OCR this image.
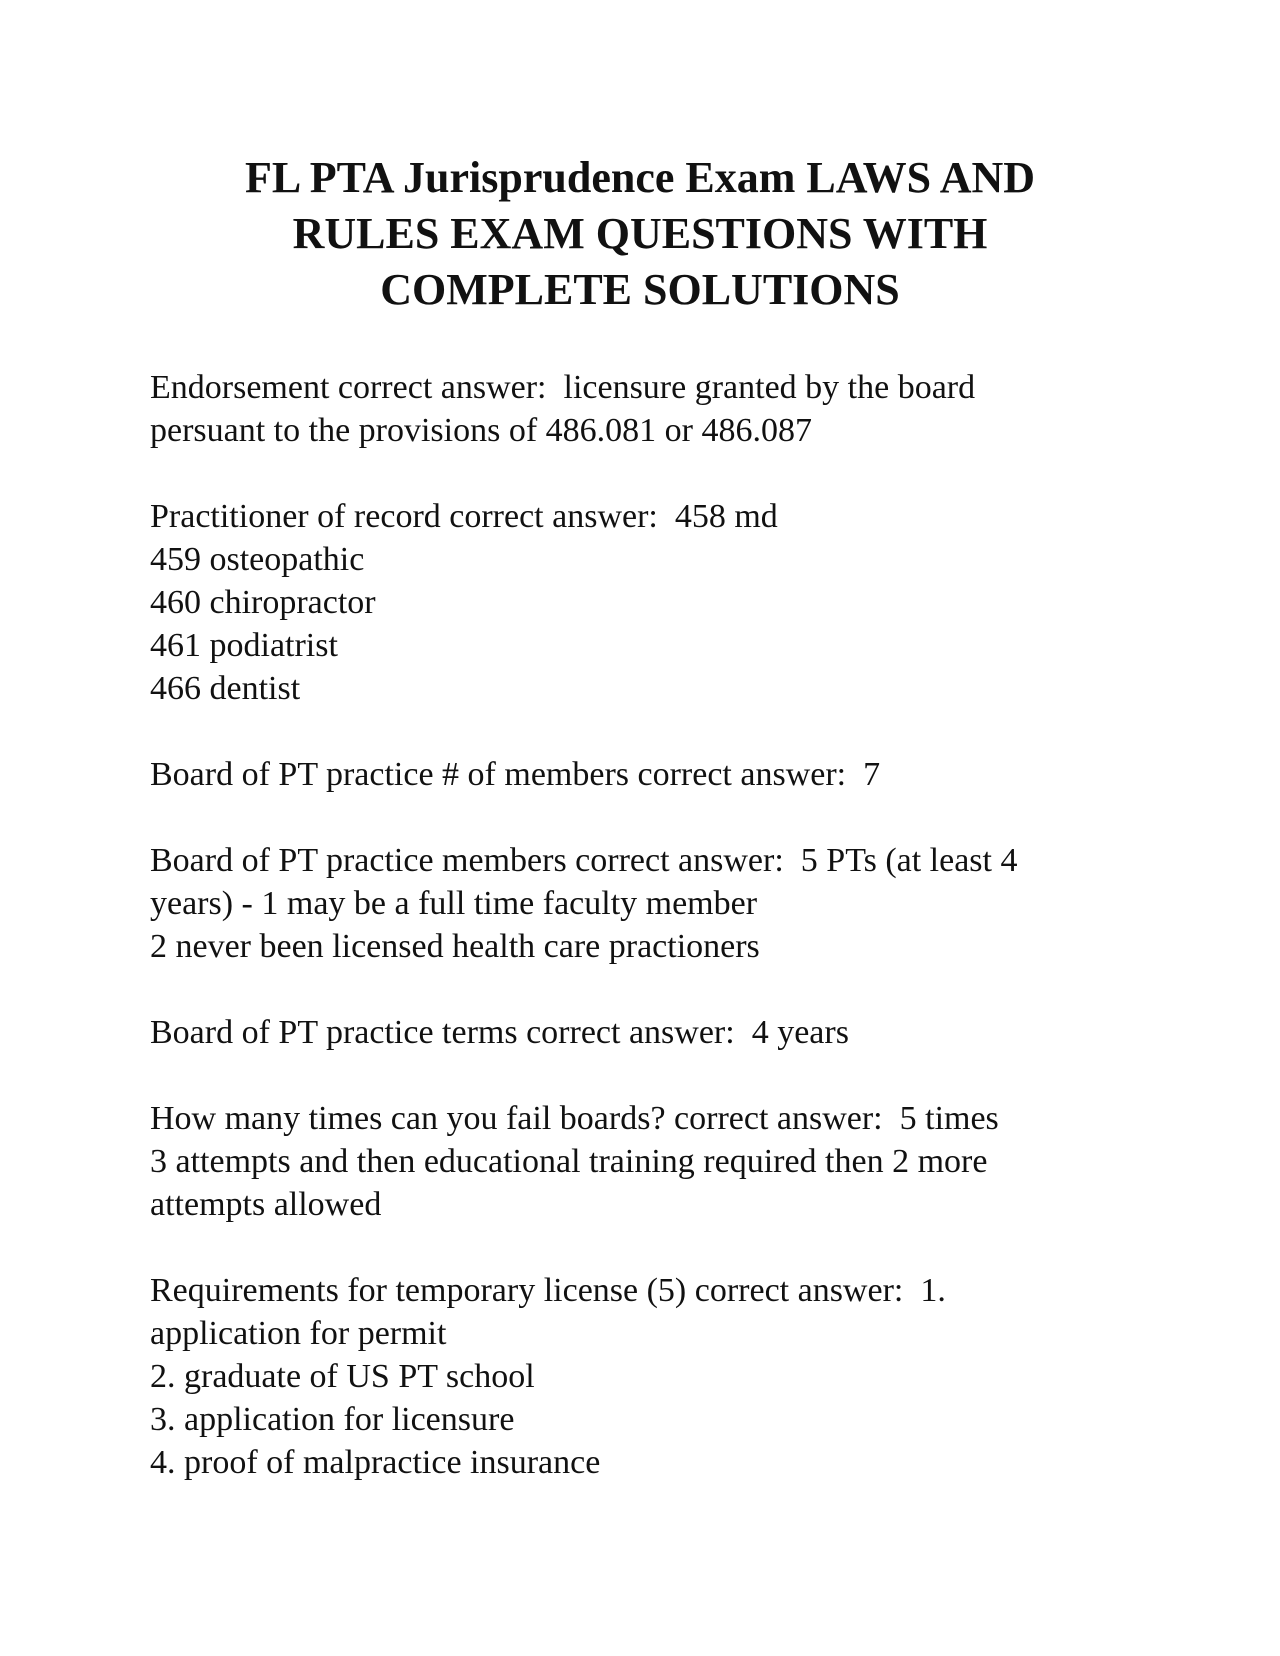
FL PTA Jurisprudence Exam LAWS AND
RULES EXAM QUESTIONS WITH
COMPLETE SOLUTIONS
Endorsement correct answer:  licensure granted by the board
persuant to the provisions of 486.081 or 486.087
Practitioner of record correct answer:  458 md
459 osteopathic
460 chiropractor
461 podiatrist
466 dentist
Board of PT practice # of members correct answer:  7
Board of PT practice members correct answer:  5 PTs (at least 4
years) - 1 may be a full time faculty member
2 never been licensed health care practioners
Board of PT practice terms correct answer:  4 years
How many times can you fail boards? correct answer:  5 times
3 attempts and then educational training required then 2 more
attempts allowed
Requirements for temporary license (5) correct answer:  1.
application for permit
2. graduate of US PT school
3. application for licensure
4. proof of malpractice insurance
